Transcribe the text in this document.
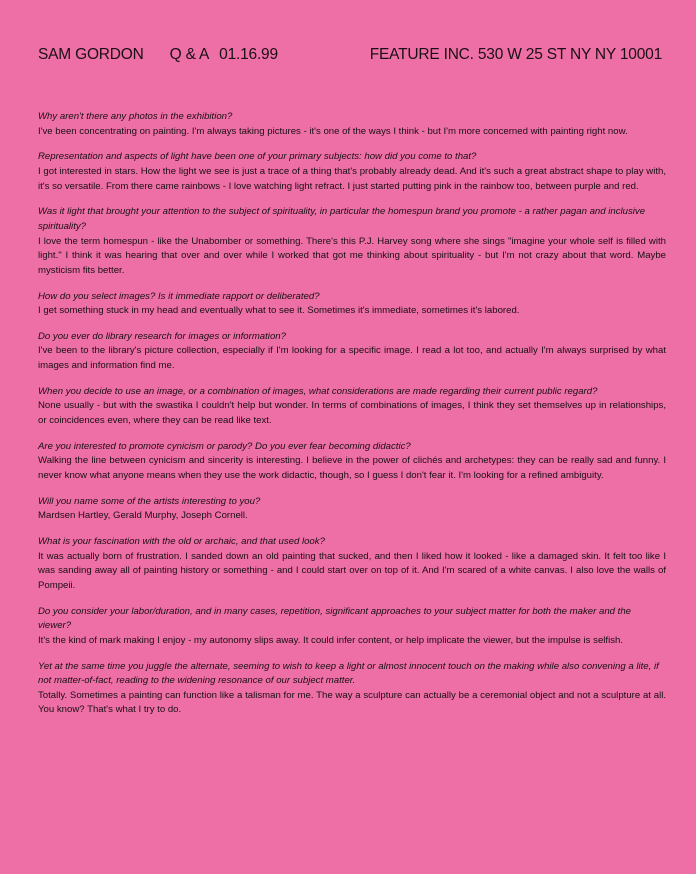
SAM GORDON Q & A 01.16.99	FEATURE INC. 530 W 25 ST NY NY 10001

Why aren't there any photos in the exhibition?

I've been concentrating on painting. I'm always taking pictures - it's one of the ways I think - but I'm more concerned with painting right now.

Representation and aspects of light have been one of your primary subjects: how did you come to that?

I got interested in stars. How the light we see is just a trace of a thing that's probably already dead. And it's such a great abstract shape to play with, it's so versatile. From there came rainbows - I love watching light refract. I just started putting pink in the rainbow too, between purple and red.

Was it light that brought your attention to the subject of spirituality, in particular the homespun brand you promote - a rather pagan and inclusive spirituality?

I love the term homespun - like the Unabomber or something. There's this P.J. Harvey song where she sings "imagine your whole self is filled with light." I think it was hearing that over and over while I worked that got me thinking about spirituality - but I'm not crazy about that word. Maybe mysticism fits better.

How do you select images? Is it immediate rapport or deliberated?

I get something stuck in my head and eventually what to see it. Sometimes it's immediate, sometimes it's labored.

Do you ever do library research for images or information?

I've been to the library's picture collection, especially if I'm looking for a specific image. I read a lot too, and actually I'm always surprised by what images and information find me.

When you decide to use an image, or a combination of images, what considerations are made regarding their current public regard?

None usually - but with the swastika I couldn't help but wonder. In terms of combinations of images, I think they set themselves up in relationships, or coincidences even, where they can be read like text.

Are you interested to promote cynicism or parody? Do you ever fear becoming didactic?

Walking the line between cynicism and sincerity is interesting. I believe in the power of clichés and archetypes: they can be really sad and funny. I never know what anyone means when they use the work didactic, though, so I guess I don't fear it. I'm looking for a refined ambiguity.

Will you name some of the artists interesting to you?

Mardsen Hartley, Gerald Murphy, Joseph Cornell.

What is your fascination with the old or archaic, and that used look?

It was actually born of frustration. I sanded down an old painting that sucked, and then I liked how it looked - like a damaged skin. It felt too like I was sanding away all of painting history or something - and I could start over on top of it. And I'm scared of a white canvas. I also love the walls of Pompeii.

Do you consider your labor/duration, and in many cases, repetition, significant approaches to your subject matter for both the maker and the viewer?

It's the kind of mark making I enjoy - my autonomy slips away. It could infer content, or help implicate the viewer, but the impulse is selfish.

Yet at the same time you juggle the alternate, seeming to wish to keep a light or almost innocent touch on the making while also convening a lite, if not matter-of-fact, reading to the widening resonance of our subject matter.

Totally. Sometimes a painting can function like a talisman for me. The way a sculpture can actually be a ceremonial object and not a sculpture at all. You know? That's what I try to do.
